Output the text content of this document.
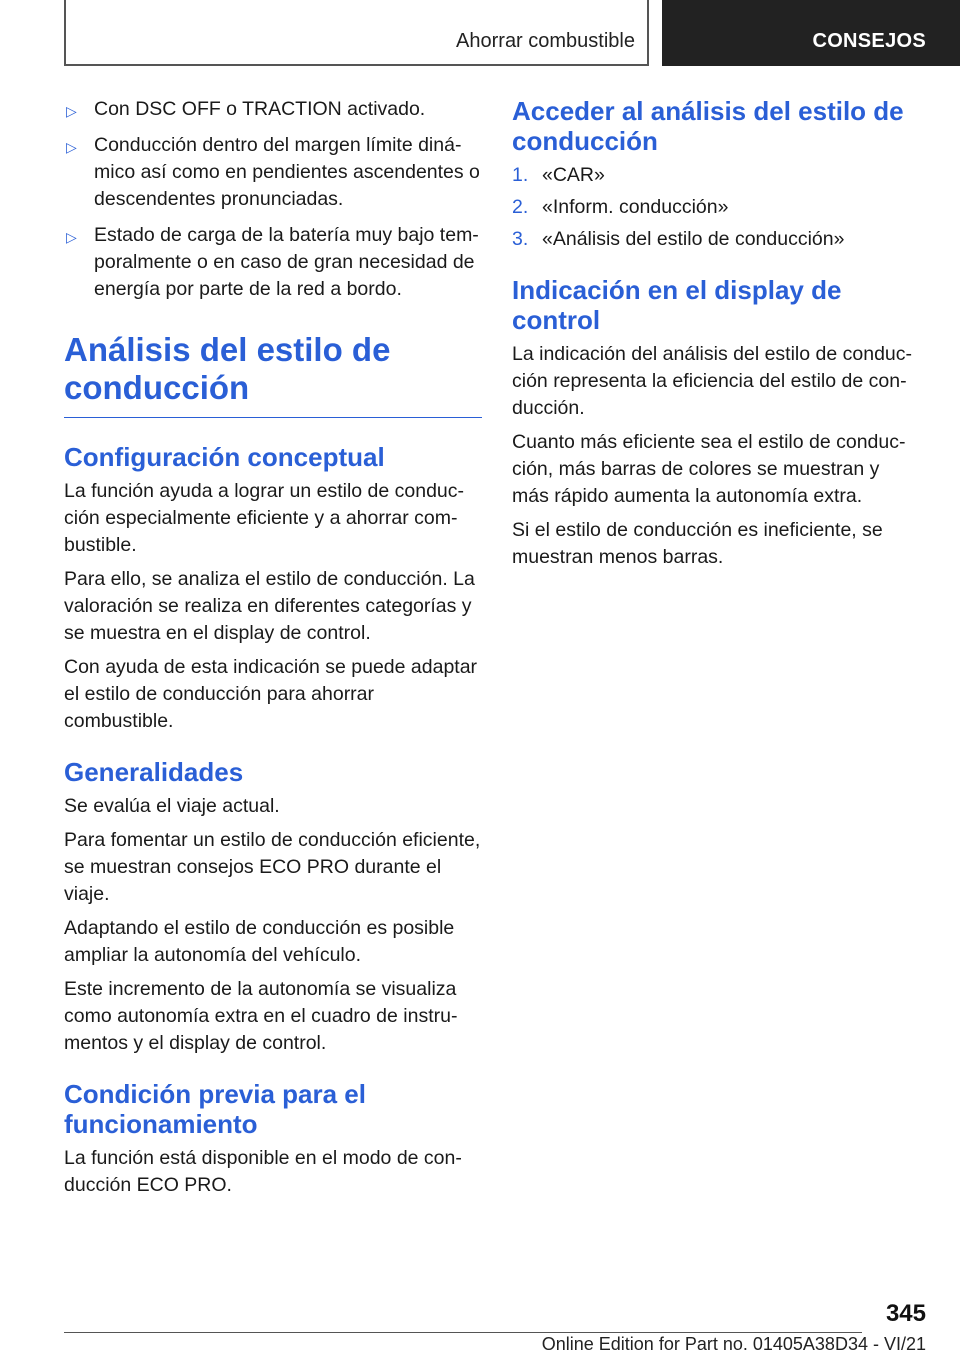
Ahorrar combustible	CONSEJOS
▷ Con DSC OFF o TRACTION activado.
▷ Conducción dentro del margen límite diná-mico así como en pendientes ascendentes o descendentes pronunciadas.
▷ Estado de carga de la batería muy bajo tem-poralmente o en caso de gran necesidad de energía por parte de la red a bordo.
Análisis del estilo de conducción
Configuración conceptual

La función ayuda a lograr un estilo de conduc-ción especialmente eficiente y a ahorrar com-bustible.

Para ello, se analiza el estilo de conducción. La valoración se realiza en diferentes categorías y se muestra en el display de control.

Con ayuda de esta indicación se puede adaptar el estilo de conducción para ahorrar combustible.

Generalidades

Se evalúa el viaje actual.

Para fomentar un estilo de conducción eficiente, se muestran consejos ECO PRO durante el viaje.

Adaptando el estilo de conducción es posible ampliar la autonomía del vehículo.

Este incremento de la autonomía se visualiza como autonomía extra en el cuadro de instru-mentos y el display de control.

Condición previa para el funcionamiento

La función está disponible en el modo de con-ducción ECO PRO.

Acceder al análisis del estilo de conducción
1. «CAR»
2. «Inform. conducción»
3. «Análisis del estilo de conducción»
Indicación en el display de control

La indicación del análisis del estilo de conduc-ción representa la eficiencia del estilo de con-ducción.

Cuanto más eficiente sea el estilo de conduc-ción, más barras de colores se muestran y más rápido aumenta la autonomía extra.

Si el estilo de conducción es ineficiente, se muestran menos barras.

345
Online Edition for Part no. 01405A38D34 - VI/21
